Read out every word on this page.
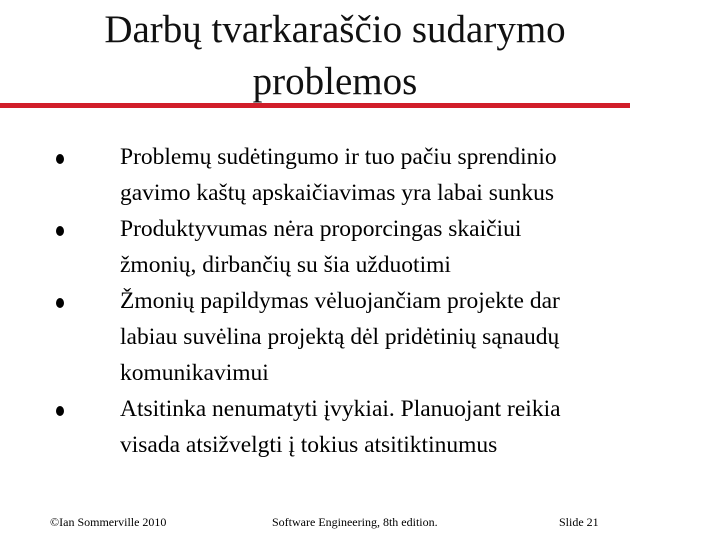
Darbų tvarkaraščio sudarymo
problemos
Problemų sudėtingumo ir tuo pačiu sprendinio
gavimo kaštų apskaičiavimas yra labai sunkus
Produktyvumas nėra proporcingas skaičiui
žmonių, dirbančių su šia užduotimi
Žmonių papildymas vėluojančiam projekte dar
labiau suvėlina projektą dėl pridėtinių sąnaudų
komunikavimui
Atsitinka nenumatyti įvykiai. Planuojant reikia
visada atsižvelgti į tokius atsitiktinumus
©Ian Sommerville 2010	Software Engineering, 8th edition.	Slide 21
